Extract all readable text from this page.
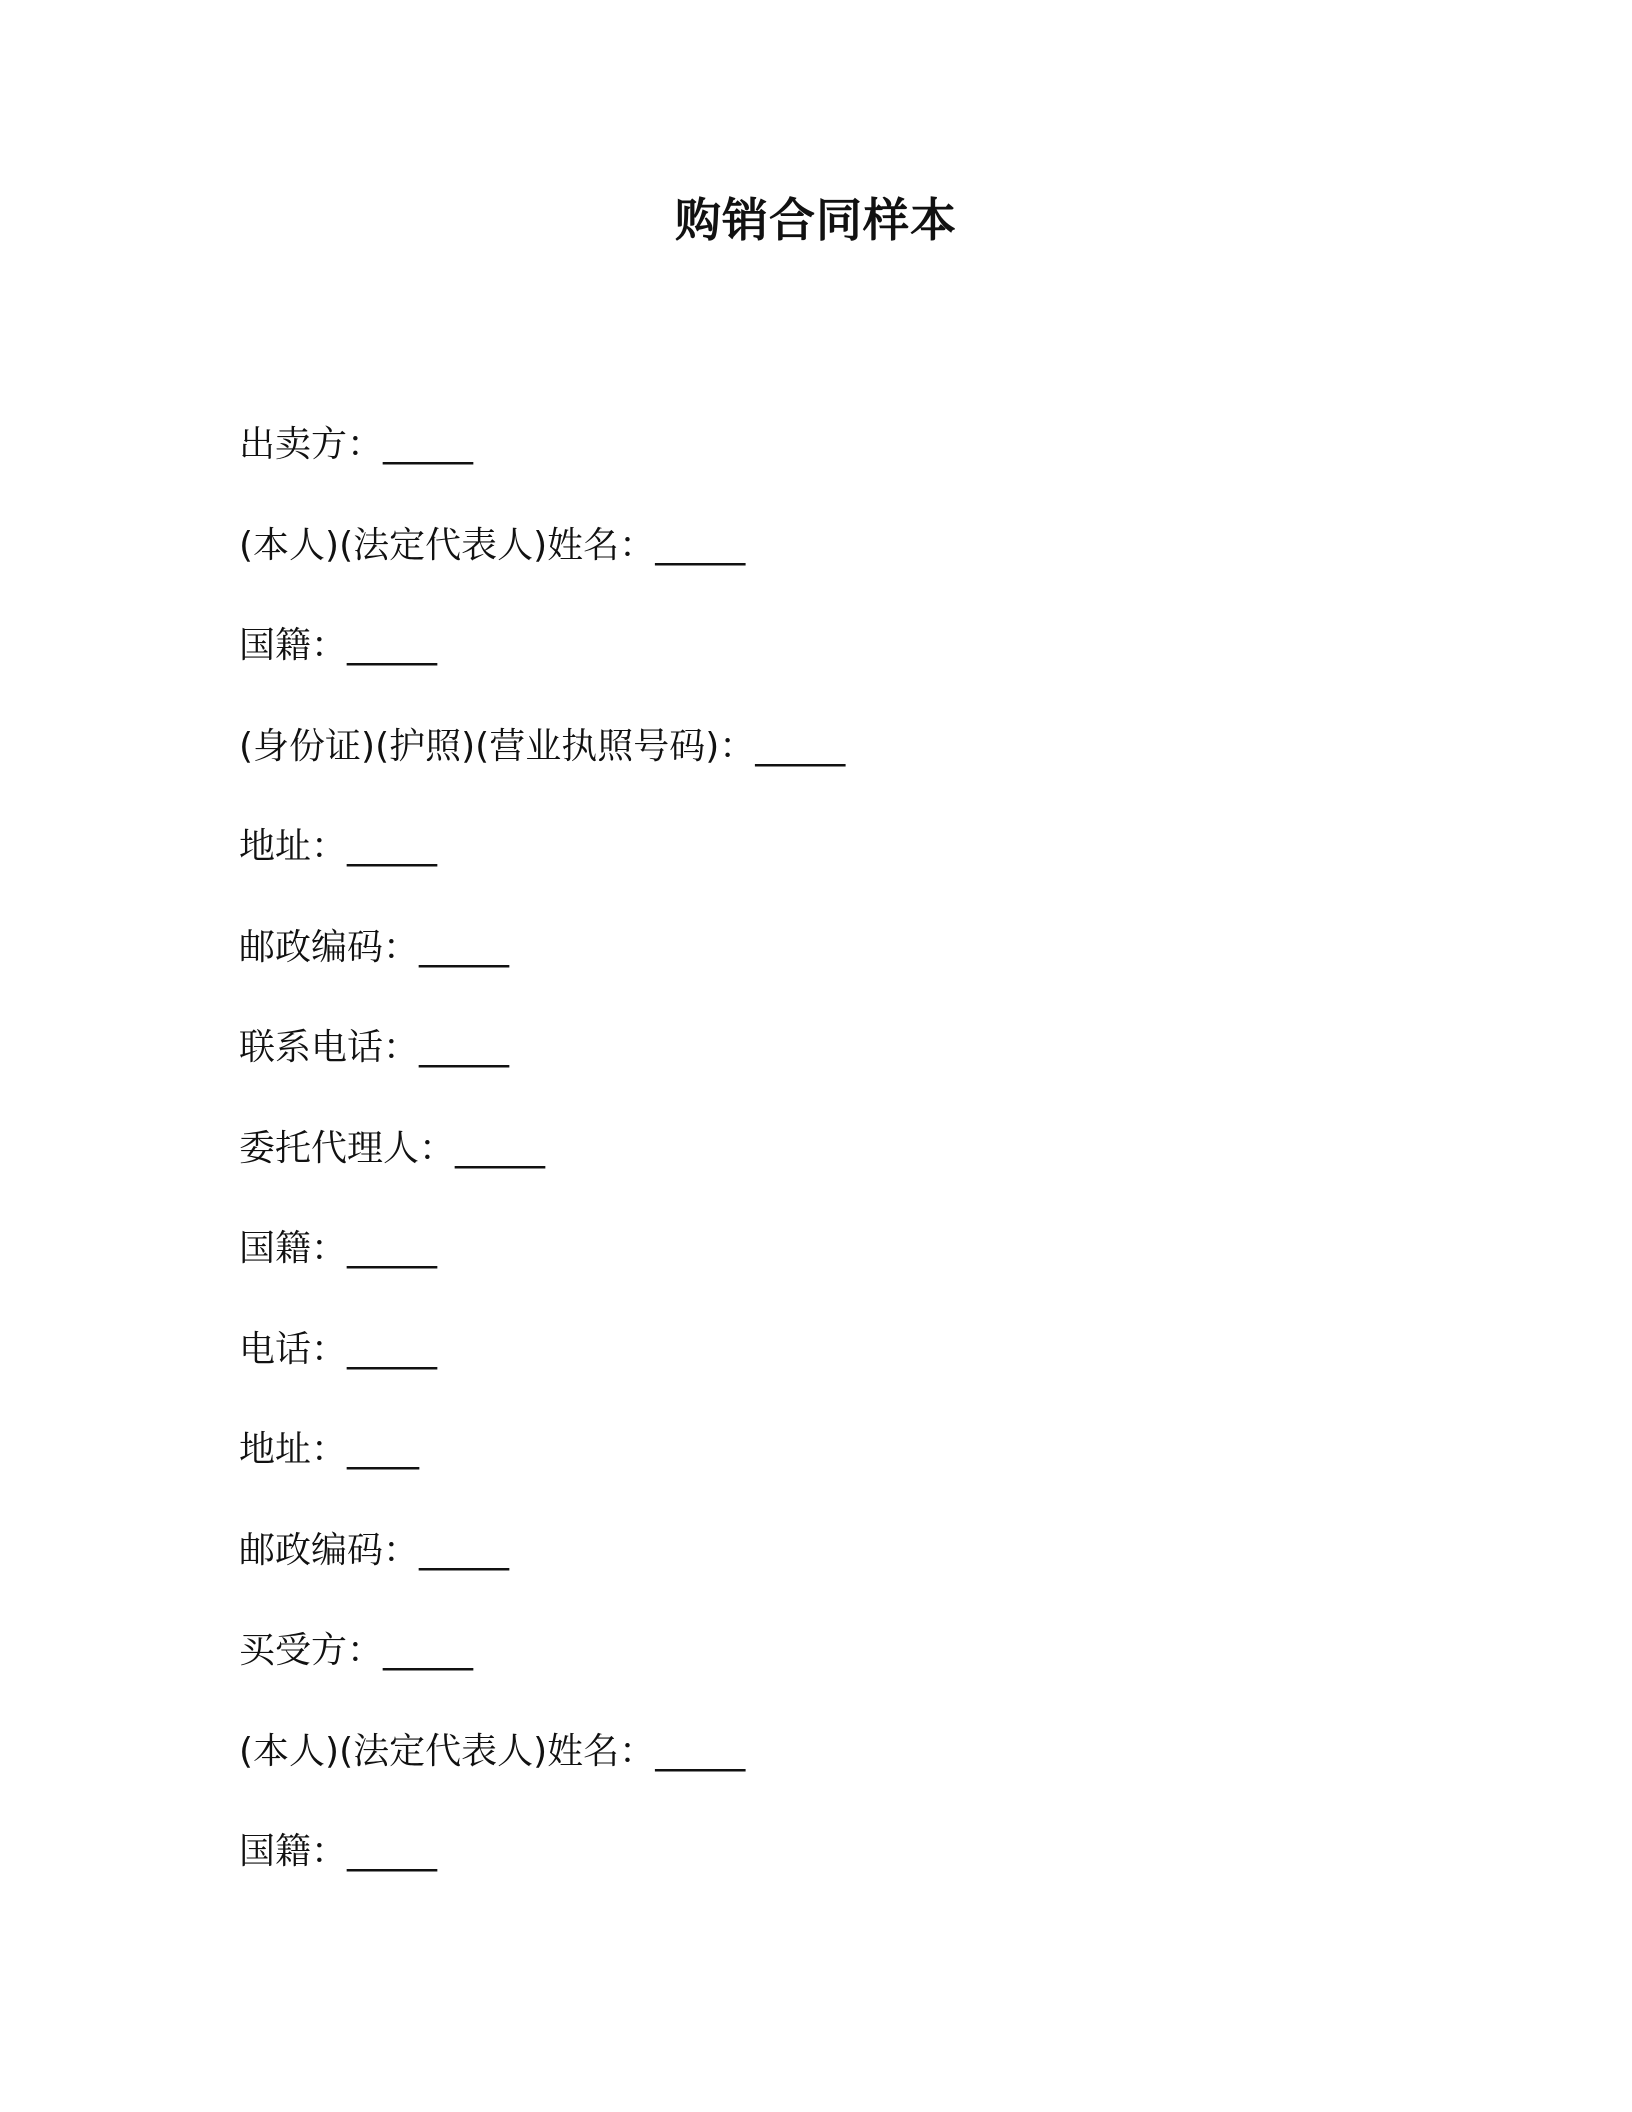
购销合同样本
出卖方：_____
(本人)(法定代表人)姓名：_____
国籍：_____
(身份证)(护照)(营业执照号码)：_____
地址：_____
邮政编码：_____
联系电话：_____
委托代理人：_____
国籍：_____
电话：_____
地址：____
邮政编码：_____
买受方：_____
(本人)(法定代表人)姓名：_____
国籍：_____
